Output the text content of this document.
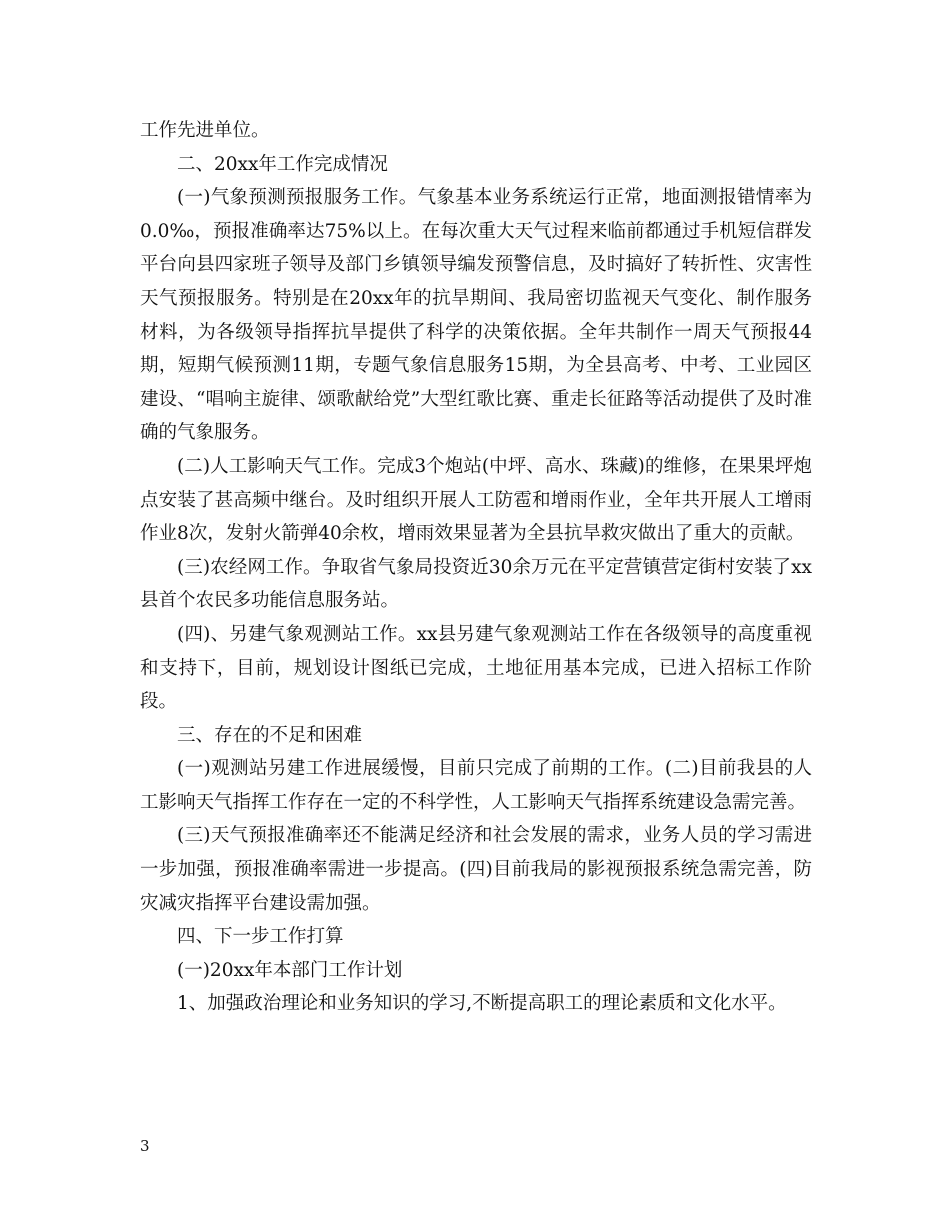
工作先进单位。

二、20xx年工作完成情况

(一)气象预测预报服务工作。气象基本业务系统运行正常，地面测报错情率为0.0‰，预报准确率达75%以上。在每次重大天气过程来临前都通过手机短信群发平台向县四家班子领导及部门乡镇领导编发预警信息，及时搞好了转折性、灾害性天气预报服务。特别是在20xx年的抗旱期间、我局密切监视天气变化、制作服务材料，为各级领导指挥抗旱提供了科学的决策依据。全年共制作一周天气预报44期，短期气候预测11期，专题气象信息服务15期，为全县高考、中考、工业园区建设、“唱响主旋律、颂歌献给党”大型红歌比赛、重走长征路等活动提供了及时准确的气象服务。

(二)人工影响天气工作。完成3个炮站(中坪、高水、珠藏)的维修，在果果坪炮点安装了甚高频中继台。及时组织开展人工防雹和增雨作业，全年共开展人工增雨作业8次，发射火箭弹40余枚，增雨效果显著为全县抗旱救灾做出了重大的贡献。

(三)农经网工作。争取省气象局投资近30余万元在平定营镇营定街村安装了xx县首个农民多功能信息服务站。

(四)、另建气象观测站工作。xx县另建气象观测站工作在各级领导的高度重视和支持下，目前，规划设计图纸已完成，土地征用基本完成，已进入招标工作阶段。

三、存在的不足和困难

(一)观测站另建工作进展缓慢，目前只完成了前期的工作。(二)目前我县的人工影响天气指挥工作存在一定的不科学性，人工影响天气指挥系统建设急需完善。

(三)天气预报准确率还不能满足经济和社会发展的需求，业务人员的学习需进一步加强，预报准确率需进一步提高。(四)目前我局的影视预报系统急需完善，防灾减灾指挥平台建设需加强。

四、下一步工作打算

(一)20xx年本部门工作计划

1、加强政治理论和业务知识的学习,不断提高职工的理论素质和文化水平。

3
